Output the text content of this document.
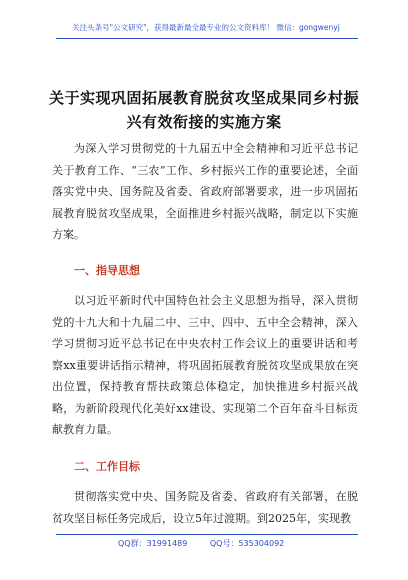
关注头条号"公文研究"，获得最新最全最专业的公文资料库！ 微信：gongwenyj
关于实现巩固拓展教育脱贫攻坚成果同乡村振
兴有效衔接的实施方案
为深入学习贯彻党的十九届五中全会精神和习近平总书记关于教育工作、“三农”工作、乡村振兴工作的重要论述，全面落实党中央、国务院及省委、省政府部署要求，进一步巩固拓展教育脱贫攻坚成果，全面推进乡村振兴战略，制定以下实施方案。
一、指导思想
以习近平新时代中国特色社会主义思想为指导，深入贯彻党的十九大和十九届二中、三中、四中、五中全会精神，深入学习贯彻习近平总书记在中央农村工作会议上的重要讲话和考察xx重要讲话指示精神，将巩固拓展教育脱贫攻坚成果放在突出位置，保持教育帮扶政策总体稳定，加快推进乡村振兴战略，为新阶段现代化美好xx建设、实现第二个百年奋斗目标贡献教育力量。
二、工作目标
贯彻落实党中央、国务院及省委、省政府有关部署，在脱贫攻坚目标任务完成后，设立5年过渡期。到2025年，实现教
QQ群：31991489	QQ号：535304092
